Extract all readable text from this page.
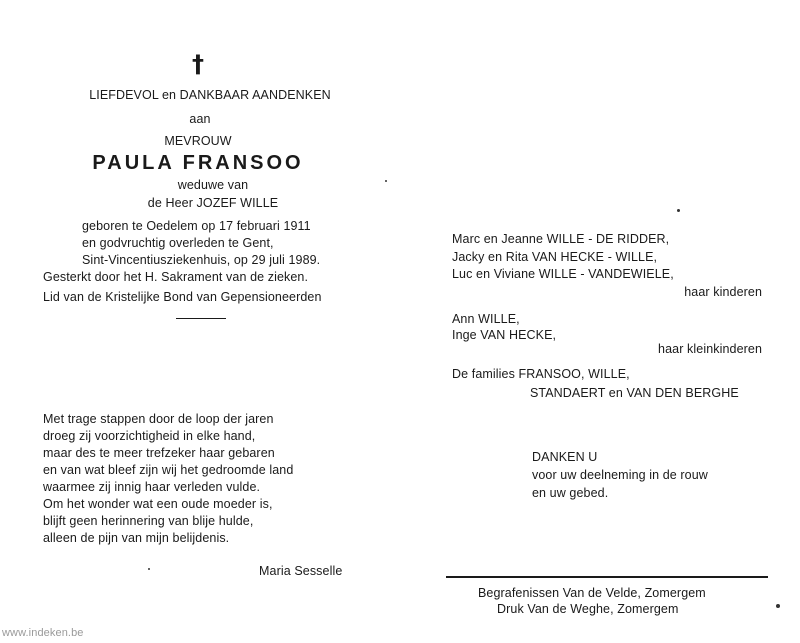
†
LIEFDEVOL en DANKBAAR AANDENKEN
aan
MEVROUW
PAULA FRANSOO
weduwe van
de Heer JOZEF WILLE
geboren te Oedelem op 17 februari 1911
en godvruchtig overleden te Gent,
Sint-Vincentiusziekenhuis, op 29 juli 1989.
Gesterkt door het H. Sakrament van de zieken.
Lid van de Kristelijke Bond van Gepensioneerden
Met trage stappen door de loop der jaren
droeg zij voorzichtigheid in elke hand,
maar des te meer trefzeker haar gebaren
en van wat bleef zijn wij het gedroomde land
waarmee zij innig haar verleden vulde.
Om het wonder wat een oude moeder is,
blijft geen herinnering van blije hulde,
alleen de pijn van mijn belijdenis.
Maria Sesselle
Marc en Jeanne WILLE - DE RIDDER,
Jacky en Rita VAN HECKE - WILLE,
Luc en Viviane WILLE - VANDEWIELE,
haar kinderen
Ann WILLE,
Inge VAN HECKE,
haar kleinkinderen
De families FRANSOO, WILLE,
STANDAERT en VAN DEN BERGHE
DANKEN U
voor uw deelneming in de rouw
en uw gebed.
Begrafenissen Van de Velde, Zomergem
Druk Van de Weghe, Zomergem
www.indeken.be
